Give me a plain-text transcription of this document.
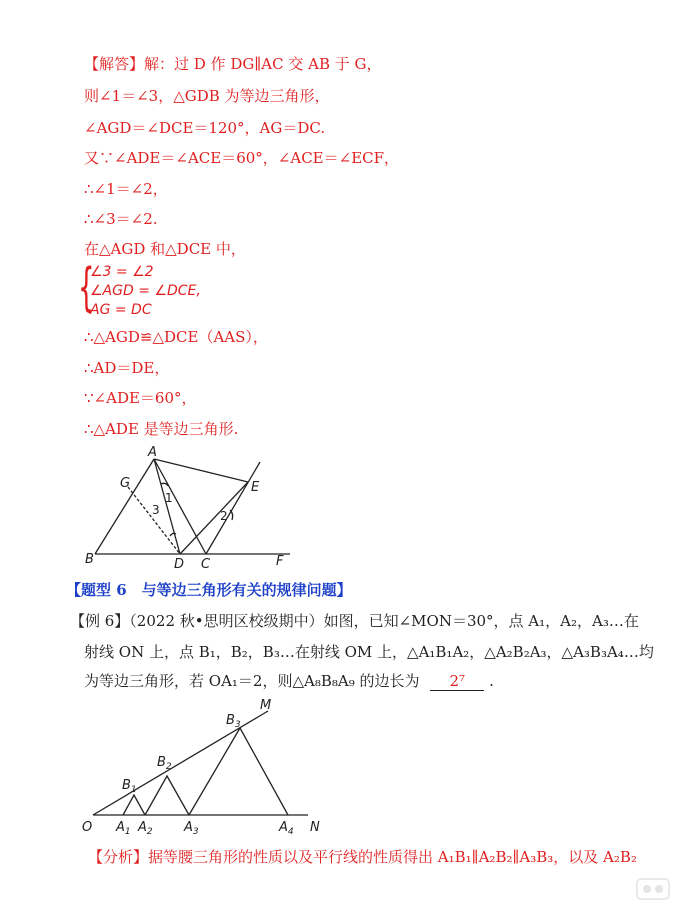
【解答】解：过 D 作 DG∥AC 交 AB 于 G，
则∠1＝∠3，△GDB 为等边三角形，
∠AGD＝∠DCE＝120°，AG＝DC.
又∵∠ADE＝∠ACE＝60°，∠ACE＝∠ECF，
∴∠1＝∠2，
∴∠3＝∠2.
在△AGD 和△DCE 中，
{
∠3 = ∠2
∠AGD = ∠DCE,
AG = DC
∴△AGD≌△DCE（AAS），
∴AD＝DE，
∵∠ADE＝60°，
∴△ADE 是等边三角形.
A
G	E
B	D C	F
1
2
3
【题型 6　与等边三角形有关的规律问题】
【例 6】（2022 秋•思明区校级期中）如图，已知∠MON＝30°，点 A₁，A₂，A₃…在
射线 ON 上，点 B₁，B₂，B₃…在射线 OM 上，△A₁B₁A₂，△A₂B₂A₃，△A₃B₃A₄…均
为等边三角形，若 OA₁＝2，则△A₈B₈A₉ 的边长为 2⁷ .
M
O	N
$B_1$
$B_2$
$B_3$
$A_1$ $A_2$ $A_3$	$A_4$
【分析】据等腰三角形的性质以及平行线的性质得出 A₁B₁∥A₂B₂∥A₃B₃，以及 A₂B₂
